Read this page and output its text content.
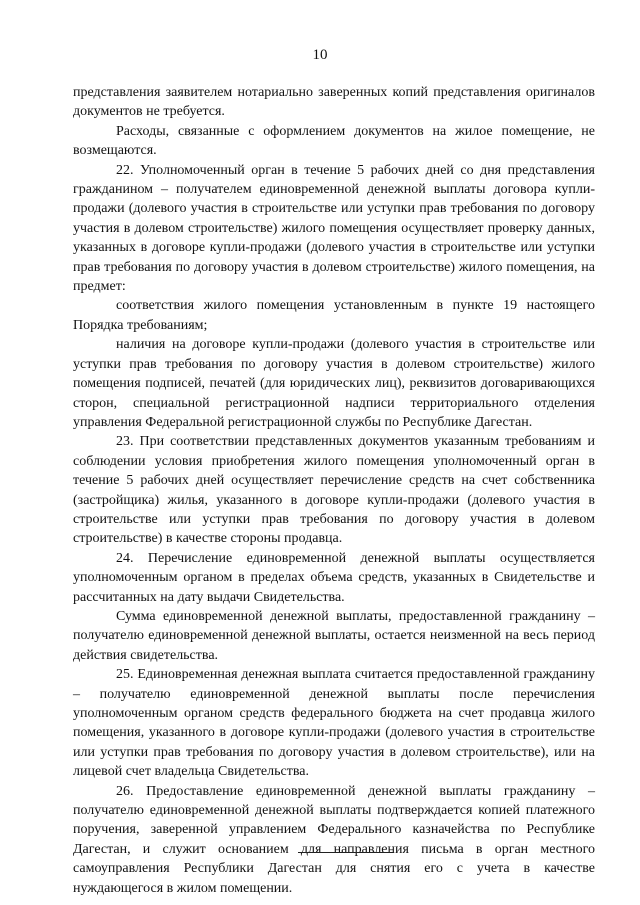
10

представления заявителем нотариально заверенных копий представления оригиналов документов не требуется.

Расходы, связанные с оформлением документов на жилое помещение, не возмещаются.

22. Уполномоченный орган в течение 5 рабочих дней со дня представления гражданином – получателем единовременной денежной выплаты договора купли-продажи (долевого участия в строительстве или уступки прав требования по договору участия в долевом строительстве) жилого помещения осуществляет проверку данных, указанных в договоре купли-продажи (долевого участия в строительстве или уступки прав требования по договору участия в долевом строительстве) жилого помещения, на предмет:

соответствия жилого помещения установленным в пункте 19 настоящего Порядка требованиям;

наличия на договоре купли-продажи (долевого участия в строительстве или уступки прав требования по договору участия в долевом строительстве) жилого помещения подписей, печатей (для юридических лиц), реквизитов договаривающихся сторон, специальной регистрационной надписи территориального отделения управления Федеральной регистрационной службы по Республике Дагестан.

23. При соответствии представленных документов указанным требованиям и соблюдении условия приобретения жилого помещения уполномоченный орган в течение 5 рабочих дней осуществляет перечисление средств на счет собственника (застройщика) жилья, указанного в договоре купли-продажи (долевого участия в строительстве или уступки прав требования по договору участия в долевом строительстве) в качестве стороны продавца.

24. Перечисление единовременной денежной выплаты осуществляется уполномоченным органом в пределах объема средств, указанных в Свидетельстве и рассчитанных на дату выдачи Свидетельства.

Сумма единовременной денежной выплаты, предоставленной гражданину – получателю единовременной денежной выплаты, остается неизменной на весь период действия свидетельства.

25. Единовременная денежная выплата считается предоставленной гражданину – получателю единовременной денежной выплаты после перечисления уполномоченным органом средств федерального бюджета на счет продавца жилого помещения, указанного в договоре купли-продажи (долевого участия в строительстве или уступки прав требования по договору участия в долевом строительстве), или на лицевой счет владельца Свидетельства.

26. Предоставление единовременной денежной выплаты гражданину – получателю единовременной денежной выплаты подтверждается копией платежного поручения, заверенной управлением Федерального казначейства по Республике Дагестан, и служит основанием для направления письма в орган местного самоуправления Республики Дагестан для снятия его с учета в качестве нуждающегося в жилом помещении.
